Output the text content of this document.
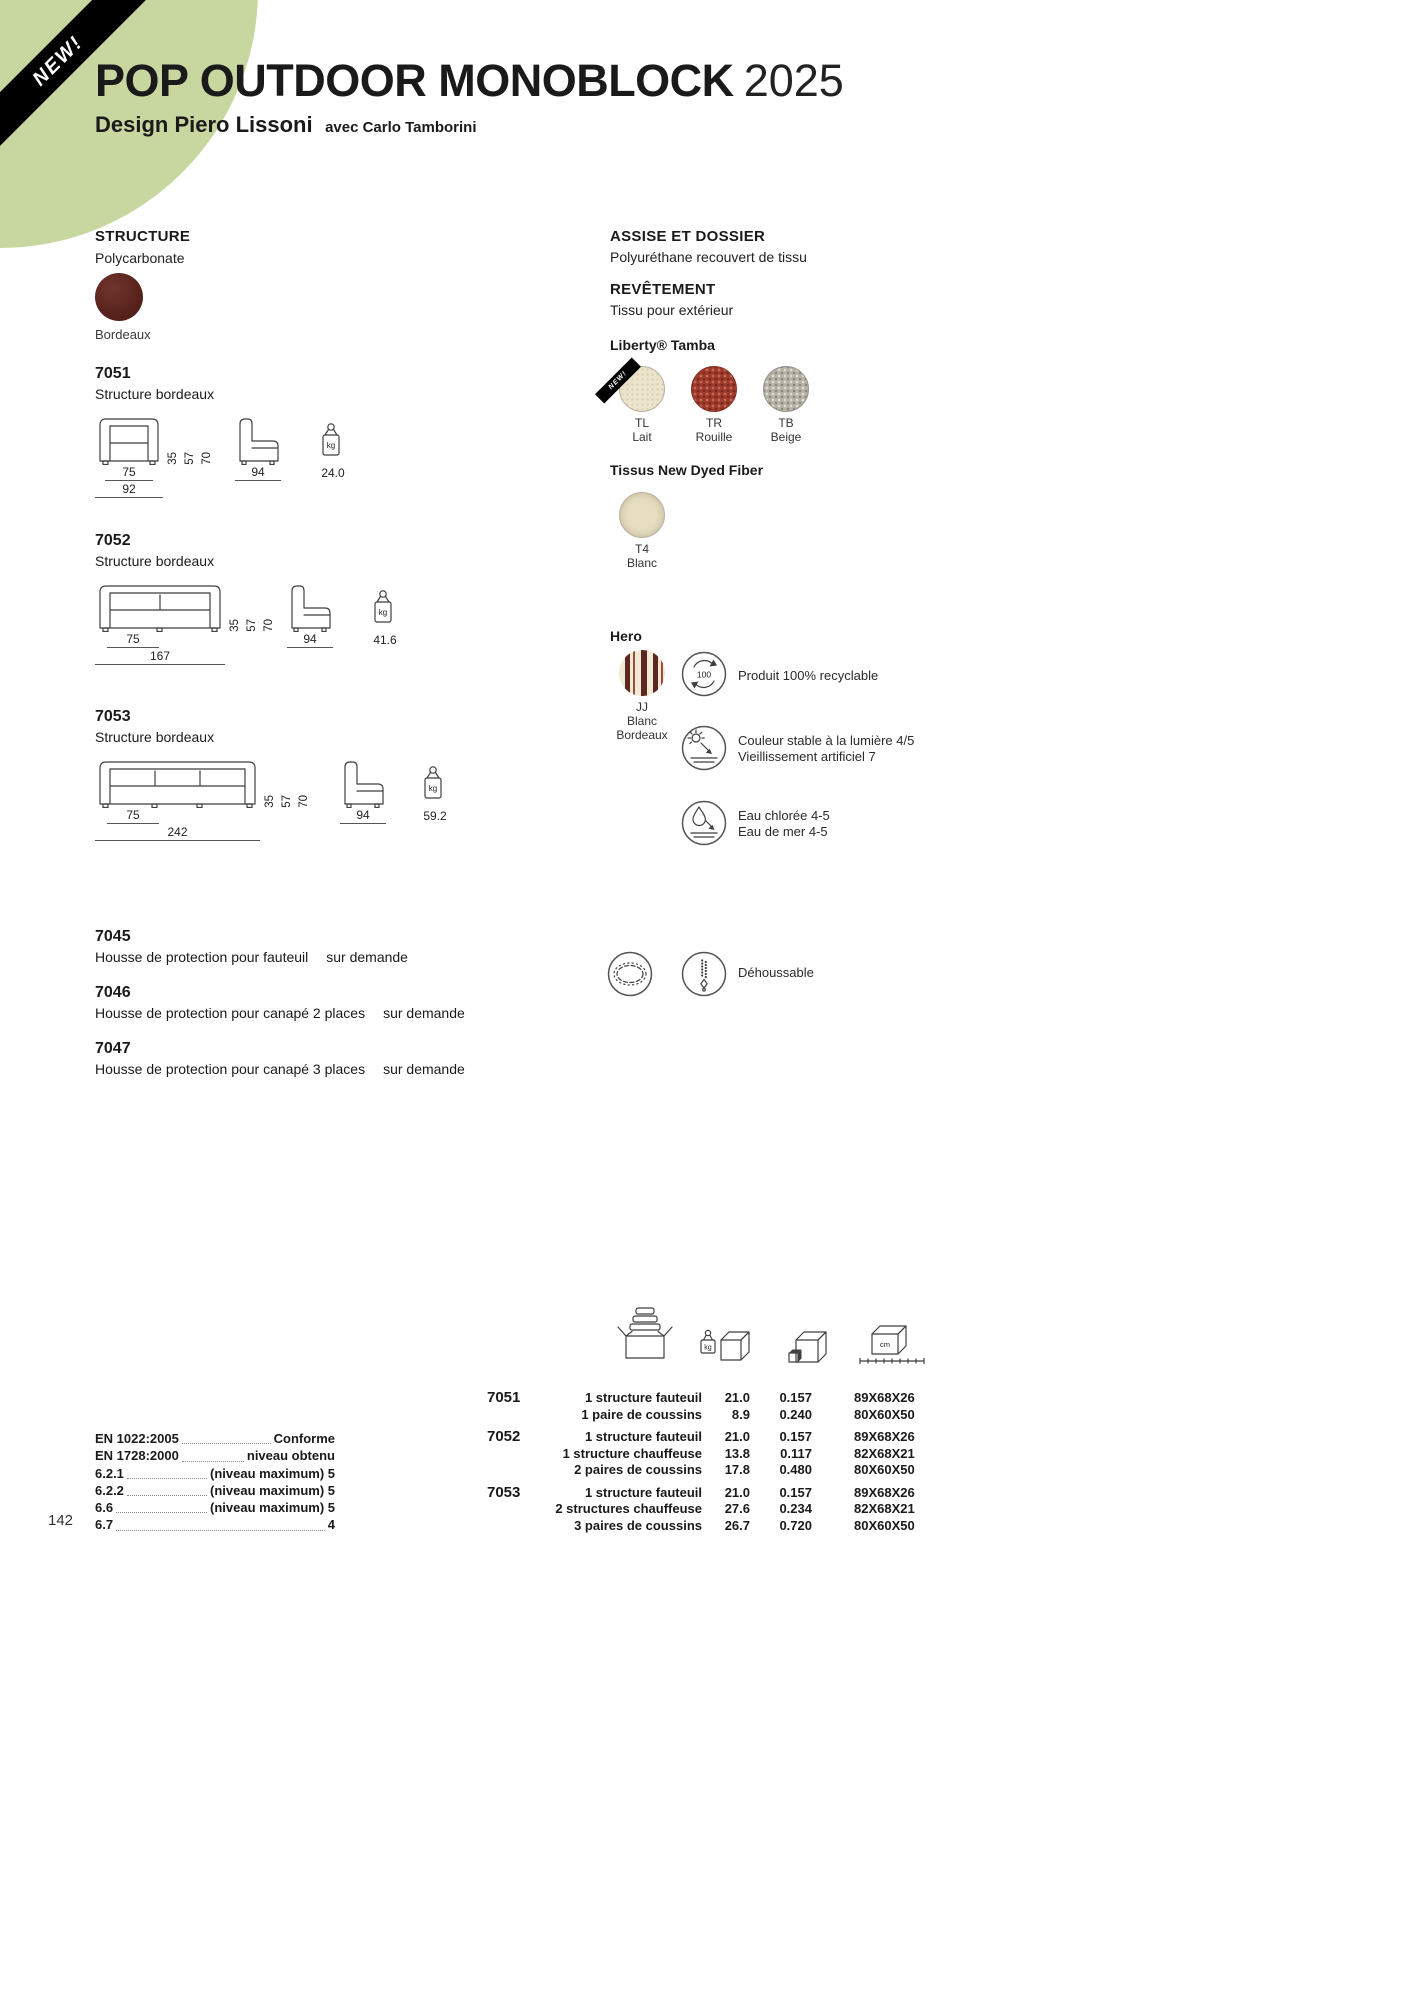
NEW! POP OUTDOOR MONOBLOCK 2025
Design Piero Lissoni avec Carlo Tamborini
STRUCTURE
Polycarbonate
Bordeaux
7051
Structure bordeaux
75
92
35 57 70
94
kg
24.0
7052
Structure bordeaux
75
167
35 57 70
94
kg
41.6
7053
Structure bordeaux
75
242
35 57 70
94
kg
59.2
7045
Housse de protection pour fauteuil sur demande
7046
Housse de protection pour canapé 2 places sur demande
7047
Housse de protection pour canapé 3 places sur demande
ASSISE ET DOSSIER
Polyuréthane recouvert de tissu
REVÊTEMENT
Tissu pour extérieur
Liberty® Tamba
NEW!
TL
Lait
TR
Rouille
TB
Beige
Tissus New Dyed Fiber
T4
Blanc
Hero
JJ
Blanc
Bordeaux
100 Produit 100% recyclable
Couleur stable à la lumière 4/5
Vieillissement artificiel 7
Eau chlorée 4-5
Eau de mer 4-5
Déhoussable
kg	cm
7051	1 structure fauteuil	21.0	0.157	89X68X26
1 paire de coussins	8.9	0.240	80X60X50
7052	1 structure fauteuil	21.0	0.157	89X68X26
1 structure chauffeuse	13.8	0.117	82X68X21
2 paires de coussins	17.8	0.480	80X60X50
7053	1 structure fauteuil	21.0	0.157	89X68X26
2 structures chauffeuse	27.6	0.234	82X68X21
3 paires de coussins	26.7	0.720	80X60X50
EN 1022:2005	Conforme
EN 1728:2000	niveau obtenu
6.2.1	(niveau maximum) 5
6.2.2	(niveau maximum) 5
6.6	(niveau maximum) 5
6.7	4
142
